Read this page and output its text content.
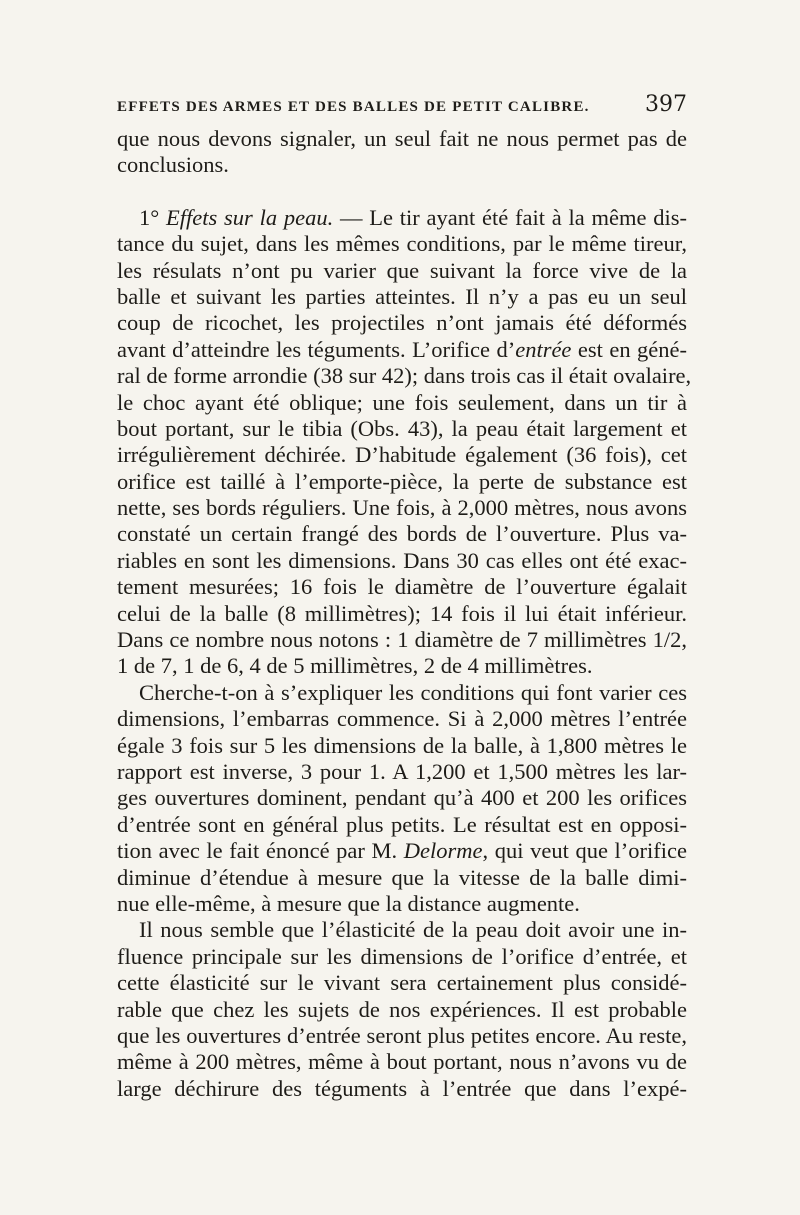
EFFETS DES ARMES ET DES BALLES DE PETIT CALIBRE.	397
que nous devons signaler, un seul fait ne nous permet pas de
conclusions.
1° Effets sur la peau. — Le tir ayant été fait à la même dis-
tance du sujet, dans les mêmes conditions, par le même tireur,
les résulats n’ont pu varier que suivant la force vive de la
balle et suivant les parties atteintes. Il n’y a pas eu un seul
coup de ricochet, les projectiles n’ont jamais été déformés
avant d’atteindre les téguments. L’orifice d’entrée est en géné-
ral de forme arrondie (38 sur 42); dans trois cas il était ovalaire,
le choc ayant été oblique; une fois seulement, dans un tir à
bout portant, sur le tibia (Obs. 43), la peau était largement et
irrégulièrement déchirée. D’habitude également (36 fois), cet
orifice est taillé à l’emporte-pièce, la perte de substance est
nette, ses bords réguliers. Une fois, à 2,000 mètres, nous avons
constaté un certain frangé des bords de l’ouverture. Plus va-
riables en sont les dimensions. Dans 30 cas elles ont été exac-
tement mesurées; 16 fois le diamètre de l’ouverture égalait
celui de la balle (8 millimètres); 14 fois il lui était inférieur.
Dans ce nombre nous notons : 1 diamètre de 7 millimètres 1/2,
1 de 7, 1 de 6, 4 de 5 millimètres, 2 de 4 millimètres.
Cherche-t-on à s’expliquer les conditions qui font varier ces
dimensions, l’embarras commence. Si à 2,000 mètres l’entrée
égale 3 fois sur 5 les dimensions de la balle, à 1,800 mètres le
rapport est inverse, 3 pour 1. A 1,200 et 1,500 mètres les lar-
ges ouvertures dominent, pendant qu’à 400 et 200 les orifices
d’entrée sont en général plus petits. Le résultat est en opposi-
tion avec le fait énoncé par M. Delorme, qui veut que l’orifice
diminue d’étendue à mesure que la vitesse de la balle dimi-
nue elle-même, à mesure que la distance augmente.
Il nous semble que l’élasticité de la peau doit avoir une in-
fluence principale sur les dimensions de l’orifice d’entrée, et
cette élasticité sur le vivant sera certainement plus considé-
rable que chez les sujets de nos expériences. Il est probable
que les ouvertures d’entrée seront plus petites encore. Au reste,
même à 200 mètres, même à bout portant, nous n’avons vu de
large déchirure des téguments à l’entrée que dans l’expé-
